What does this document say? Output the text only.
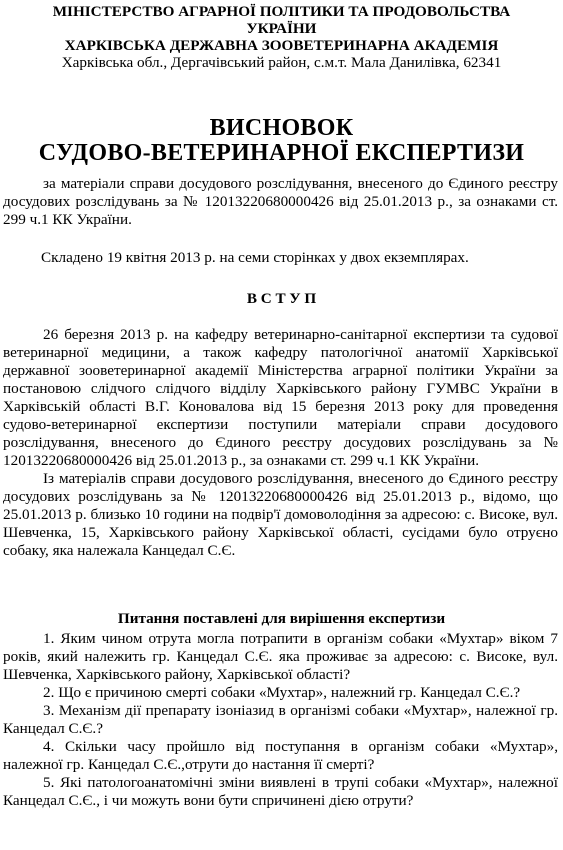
МІНІСТЕРСТВО АГРАРНОЇ ПОЛІТИКИ ТА ПРОДОВОЛЬСТВА

УКРАЇНИ

ХАРКІВСЬКА ДЕРЖАВНА ЗООВЕТЕРИНАРНА АКАДЕМІЯ

Харківська обл., Дергачівський район, с.м.т. Мала Данилівка, 62341

ВИСНОВОК

СУДОВО-ВЕТЕРИНАРНОЇ ЕКСПЕРТИЗИ

за матеріали справи досудового розслідування, внесеного до Єдиного реєстру досудових розслідувань за № 12013220680000426 від 25.01.2013 р., за ознаками ст. 299 ч.1 КК України.

Складено 19 квітня 2013 р. на семи сторінках у двох екземплярах.

В С Т У П

26 березня 2013 р. на кафедру ветеринарно-санітарної експертизи та судової ветеринарної медицини, а також кафедру патологічної анатомії Харківської державної зооветеринарної академії Міністерства аграрної політики України за постановою слідчого слідчого відділу Харківського району ГУМВС України в Харківській області В.Г. Коновалова від 15 березня 2013 року для проведення судово-ветеринарної експертизи поступили матеріали справи досудового розслідування, внесеного до Єдиного реєстру досудових розслідувань за № 12013220680000426 від 25.01.2013 р., за ознаками ст. 299 ч.1 КК України.

Із матеріалів справи досудового розслідування, внесеного до Єдиного реєстру досудових розслідувань за № 12013220680000426 від 25.01.2013 р., відомо, що 25.01.2013 р. близько 10 години на подвір'ї домоволодіння за адресою: с. Високе, вул. Шевченка, 15, Харківського району Харківської області, сусідами було отруєно собаку, яка належала Канцедал С.Є.

Питання поставлені для вирішення експертизи

1. Яким чином отрута могла потрапити в організм собаки «Мухтар» віком 7 років, який належить гр. Канцедал С.Є. яка проживає за адресою: с. Високе, вул. Шевченка, Харківського району, Харківської області?

2. Що є причиною смерті собаки «Мухтар», належний гр. Канцедал С.Є.?

3. Механізм дії препарату ізоніазид в організмі собаки «Мухтар», належної гр. Канцедал С.Є.?

4. Скільки часу пройшло від поступання в організм собаки «Мухтар», належної гр. Канцедал С.Є.,отрути до настання її смерті?

5. Які патологоанатомічні зміни виявлені в трупі собаки «Мухтар», належної Канцедал С.Є., і чи можуть вони бути спричинені дією отрути?
